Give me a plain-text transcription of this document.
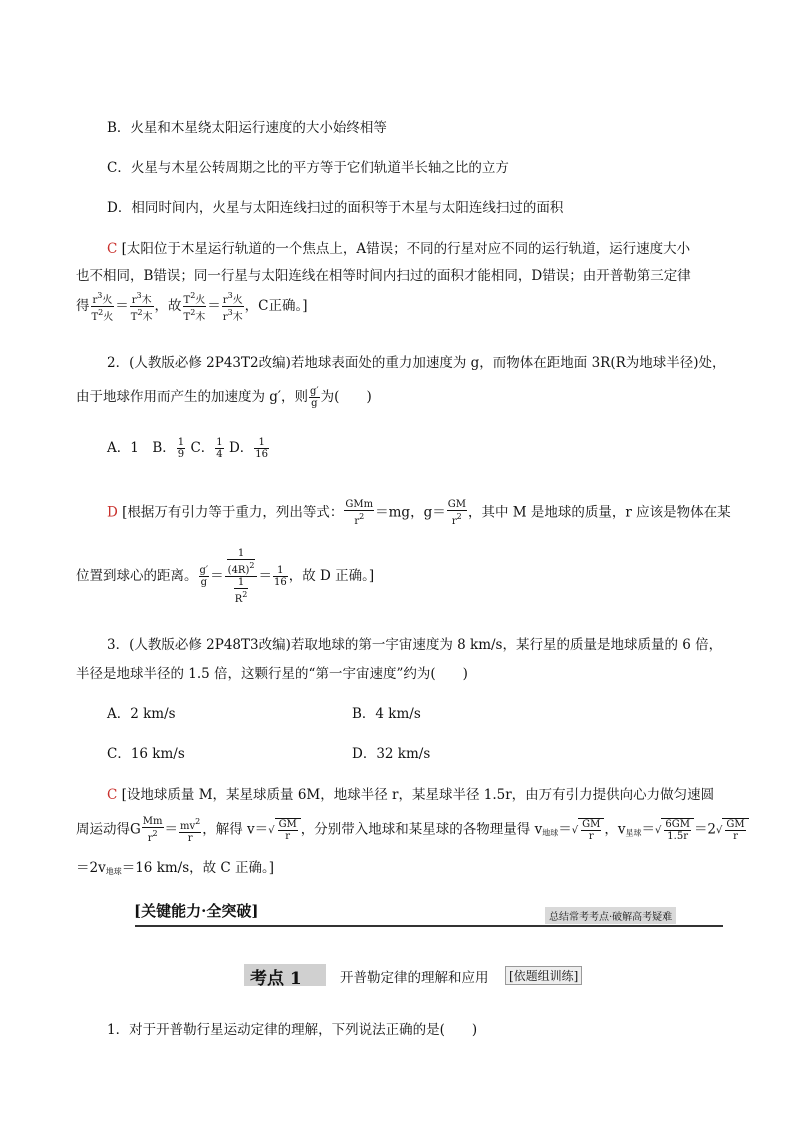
B．火星和木星绕太阳运行速度的大小始终相等
C．火星与木星公转周期之比的平方等于它们轨道半长轴之比的立方
D．相同时间内，火星与太阳连线扫过的面积等于木星与太阳连线扫过的面积
C [太阳位于木星运行轨道的一个焦点上，A错误；不同的行星对应不同的运行轨道，运行速度大小
也不相同，B错误；同一行星与太阳连线在相等时间内扫过的面积才能相同，D错误；由开普勒第三定律
得 $\frac{r^3火}{T^2火} = \frac{r^3木}{T^2木}$ ，故 $\frac{T^2火}{T^2木} = \frac{r^3火}{r^3木}$ ，C正确。]
2．(人教版必修 2P43T2改编)若地球表面处的重力加速度为 g，而物体在距地面 3R(R为地球半径)处，
由于地球作用而产生的加速度为 g′，则 $\frac{g'}{g}$ 为(　　)
A．1　B． $\frac{1}{9}$ C． $\frac{1}{4}$ D． $\frac{1}{16}$
D [根据万有引力等于重力，列出等式： $\frac{\text{GMm}}{r^2} =mg$，$g= \frac{GM}{r^2}$ ，其中 M 是地球的质量，r 应该是物体在某
位置到球心的距离。 $\frac{g'}{g} = \frac{\frac{1}{(4R)^2}}{\frac{1}{R^2}} = \frac{1}{16}$ ，故 D 正确。]
3．(人教版必修 2P48T3改编)若取地球的第一宇宙速度为 8 km/s，某行星的质量是地球质量的 6 倍，
半径是地球半径的 1.5 倍，这颗行星的“第一宇宙速度”约为(　　)
A．2 km/s	B．4 km/s
C．16 km/s	D．32 km/s
C [设地球质量 M，某星球质量 6M，地球半径 r，某星球半径 1.5r，由万有引力提供向心力做匀速圆
周运动得G $\frac{Mm}{r^2} = \frac{mv^2}{r}$ ，解得 $v=√ \frac{GM}{r}$ ，分别带入地球和某星球的各物理量得 $v_{地球}=√ \frac{GM}{r}$ ，$v_{星球}=√ \frac{6GM}{1.5r} =2√ \frac{GM}{r}$
$=2v_{地球}=16$ km/s，故 C 正确。]
[关键能力·全突破]	总结常考考点·破解高考疑难
考点 1	开普勒定律的理解和应用	[依题组训练]
1．对于开普勒行星运动定律的理解，下列说法正确的是(　　)
